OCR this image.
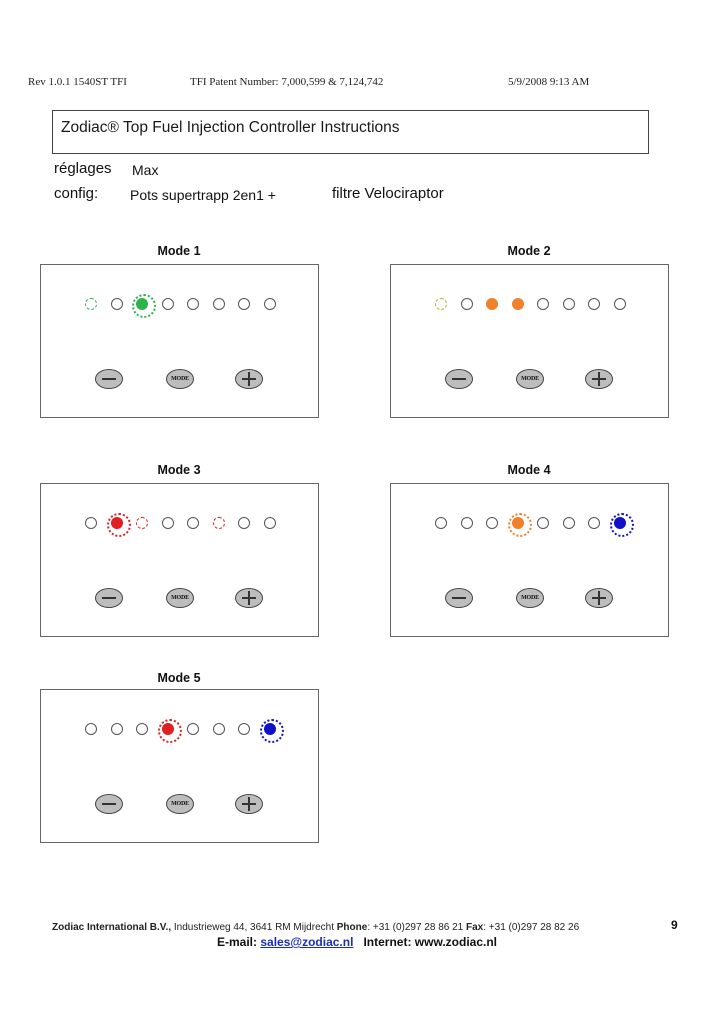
Rev 1.0.1 1540ST TFI	TFI Patent Number: 7,000,599 & 7,124,742	5/9/2008 9:13 AM
Zodiac® Top Fuel Injection Controller Instructions
réglages Max
config: Pots supertrapp 2en1 +	filtre Velociraptor
Mode 1
MODE
Mode 2
MODE
Mode 3
MODE
Mode 4
MODE
Mode 5
MODE
Zodiac International B.V., Industrieweg 44, 3641 RM Mijdrecht Phone: +31 (0)297 28 86 21 Fax: +31 (0)297 28 82 26	9
E-mail: sales@zodiac.nl Internet: www.zodiac.nl
